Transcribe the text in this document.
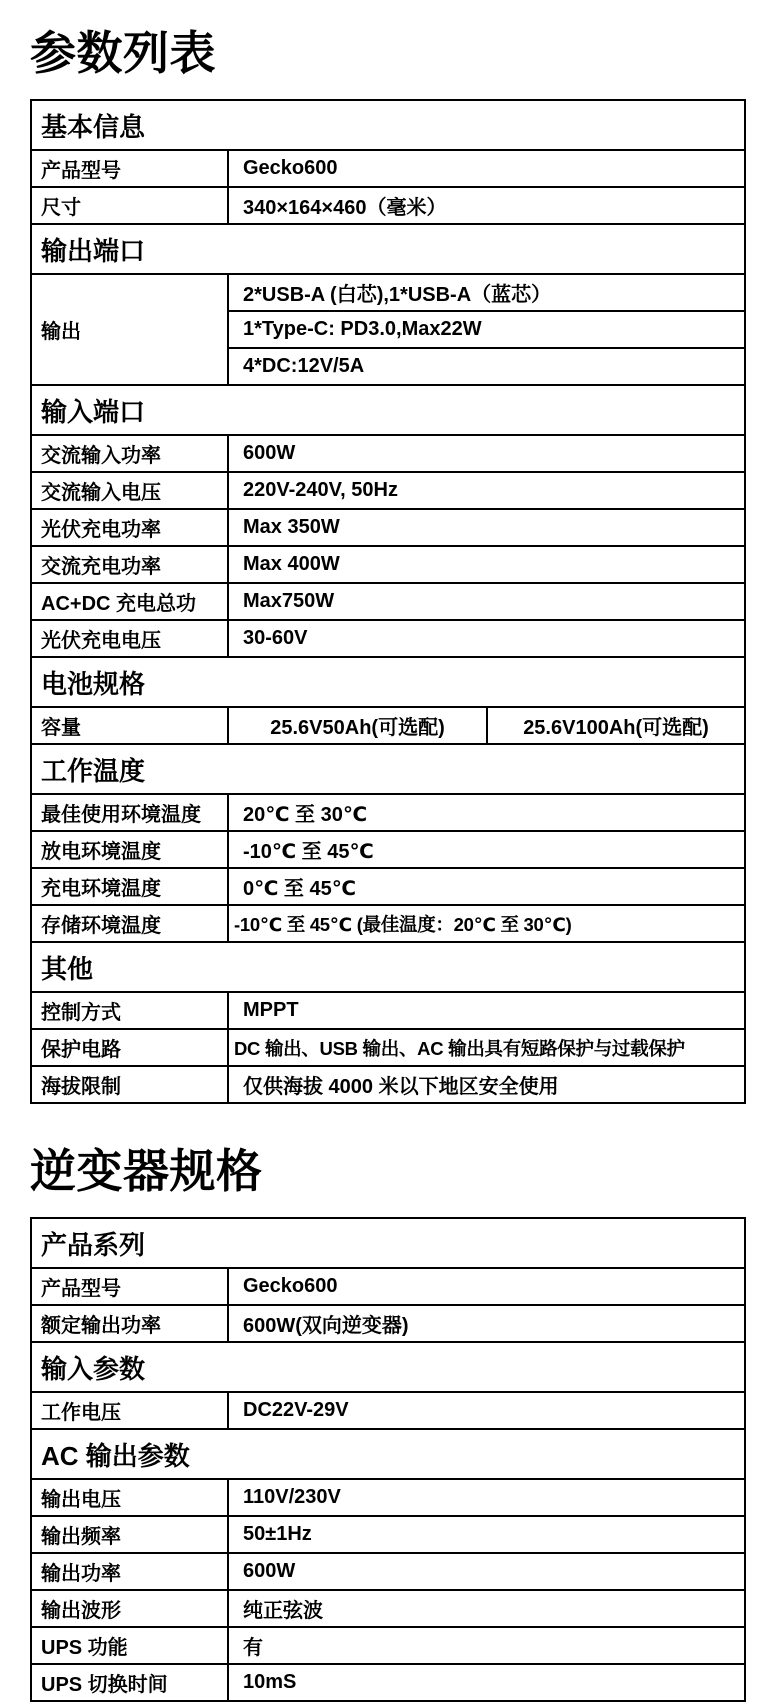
参数列表
基本信息		
产品型号	Gecko600	
尺寸	340×164×460（毫米）	
输出端口		
输出	2*USB-A (白芯),1*USB-A（蓝芯）	
	1*Type-C: PD3.0,Max22W	
	4*DC:12V/5A	
输入端口		
交流输入功率	600W	
交流输入电压	220V-240V, 50Hz	
光伏充电功率	Max 350W	
交流充电功率	Max 400W	
AC+DC 充电总功	Max750W	
光伏充电电压	30-60V	
电池规格		
容量	25.6V50Ah(可选配)	25.6V100Ah(可选配)
工作温度		
最佳使用环境温度	20℃ 至 30℃	
放电环境温度	-10℃ 至 45℃	
充电环境温度	0℃ 至 45℃	
存储环境温度	-10℃ 至 45℃ (最佳温度：20℃ 至 30℃)	
其他		
控制方式	MPPT	
保护电路	DC 输出、USB 输出、AC 输出具有短路保护与过载保护	
海拔限制	仅供海拔 4000 米以下地区安全使用	
逆变器规格
产品系列	
产品型号	Gecko600
额定输出功率	600W(双向逆变器)
输入参数	
工作电压	DC22V-29V
AC 输出参数	
输出电压	110V/230V
输出频率	50±1Hz
输出功率	600W
输出波形	纯正弦波
UPS 功能	有
UPS 切换时间	10mS
